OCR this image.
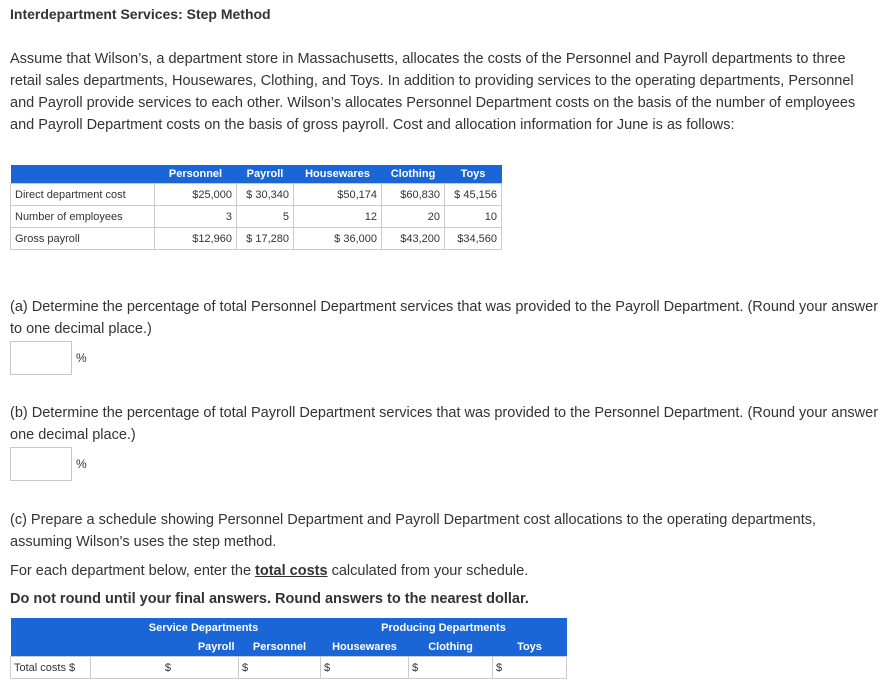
Interdepartment Services: Step Method
Assume that Wilson’s, a department store in Massachusetts, allocates the costs of the Personnel and Payroll departments to three retail sales departments, Housewares, Clothing, and Toys. In addition to providing services to the operating departments, Personnel and Payroll provide services to each other. Wilson’s allocates Personnel Department costs on the basis of the number of employees and Payroll Department costs on the basis of gross payroll. Cost and allocation information for June is as follows:
	Personnel	Payroll	Housewares	Clothing	Toys
Direct department cost	$25,000	$ 30,340	$50,174	$60,830	$ 45,156
Number of employees	3	5	12	20	10
Gross payroll	$12,960	$ 17,280	$ 36,000	$43,200	$34,560
(a) Determine the percentage of total Personnel Department services that was provided to the Payroll Department. (Round your answer to one decimal place.)
%
(b) Determine the percentage of total Payroll Department services that was provided to the Personnel Department. (Round your answer one decimal place.)
%
(c) Prepare a schedule showing Personnel Department and Payroll Department cost allocations to the operating departments, assuming Wilson's uses the step method.
For each department below, enter the total costs calculated from your schedule.
Do not round until your final answers. Round answers to the nearest dollar.
	Service Departments		Producing Departments		
	Payroll	Personnel	Housewares	Clothing	Toys
Total costs $	$	$	$	$	$
